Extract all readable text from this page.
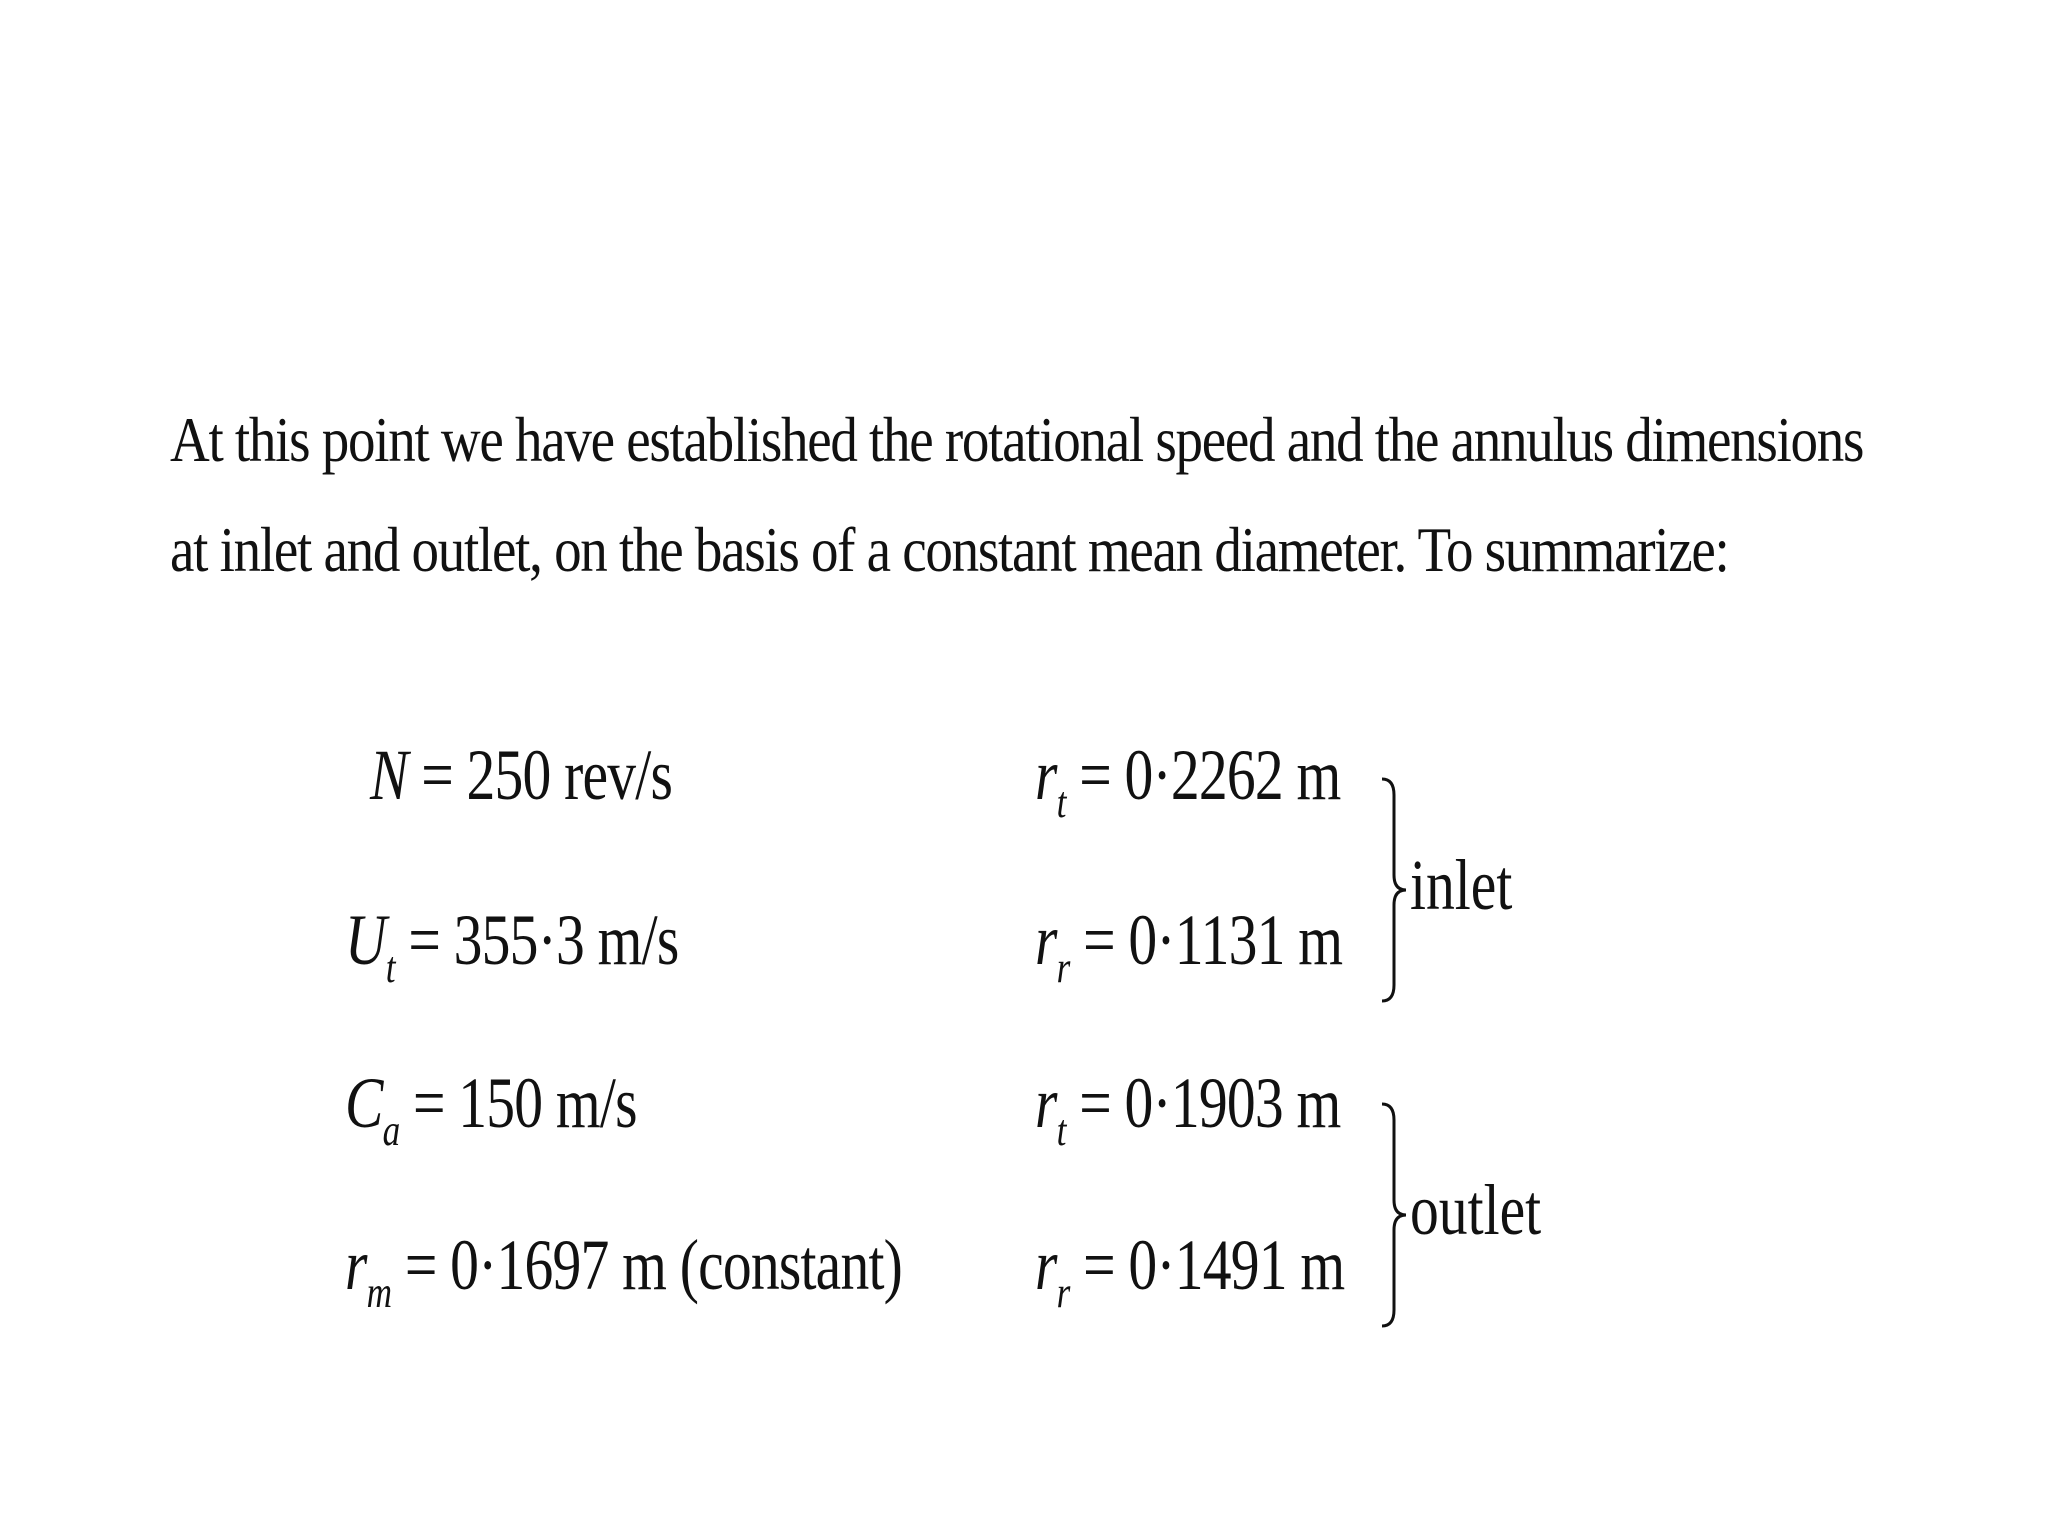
At this point we have established the rotational speed and the annulus dimensions
at inlet and outlet, on the basis of a constant mean diameter. To summarize:
N = 250 rev/s
$U_t = 355\cdot 3$ m/s
$C_a = 150$ m/s
$r_m = 0\cdot 1697$ m (constant)
$r_t = 0\cdot 2262$ m
$r_r = 0\cdot 1131$ m
$r_t = 0\cdot 1903$ m
$r_r = 0\cdot 1491$ m
inlet
outlet
